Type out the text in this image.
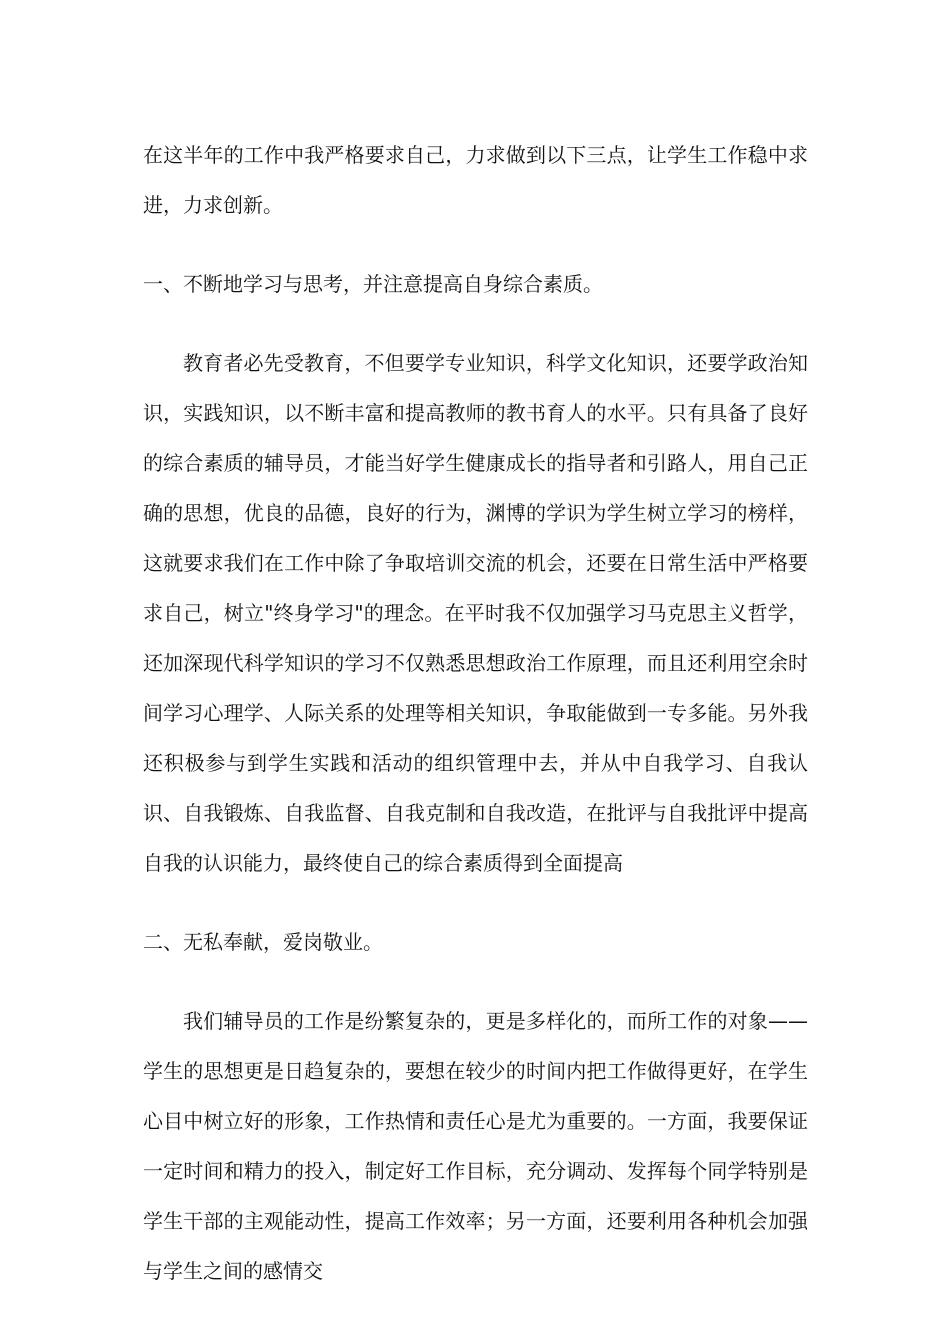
在这半年的工作中我严格要求自己，力求做到以下三点，让学生工作稳中求进，力求创新。

一、不断地学习与思考，并注意提高自身综合素质。

教育者必先受教育，不但要学专业知识，科学文化知识，还要学政治知识，实践知识，以不断丰富和提高教师的教书育人的水平。只有具备了良好的综合素质的辅导员，才能当好学生健康成长的指导者和引路人，用自己正确的思想，优良的品德，良好的行为，渊博的学识为学生树立学习的榜样，这就要求我们在工作中除了争取培训交流的机会，还要在日常生活中严格要求自己，树立"终身学习"的理念。在平时我不仅加强学习马克思主义哲学，还加深现代科学知识的学习不仅熟悉思想政治工作原理，而且还利用空余时间学习心理学、人际关系的处理等相关知识，争取能做到一专多能。另外我还积极参与到学生实践和活动的组织管理中去，并从中自我学习、自我认识、自我锻炼、自我监督、自我克制和自我改造，在批评与自我批评中提高自我的认识能力，最终使自己的综合素质得到全面提高

二、无私奉献，爱岗敬业。

我们辅导员的工作是纷繁复杂的，更是多样化的，而所工作的对象——学生的思想更是日趋复杂的，要想在较少的时间内把工作做得更好，在学生心目中树立好的形象，工作热情和责任心是尤为重要的。一方面，我要保证一定时间和精力的投入，制定好工作目标，充分调动、发挥每个同学特别是学生干部的主观能动性，提高工作效率；另一方面，还要利用各种机会加强与学生之间的感情交
